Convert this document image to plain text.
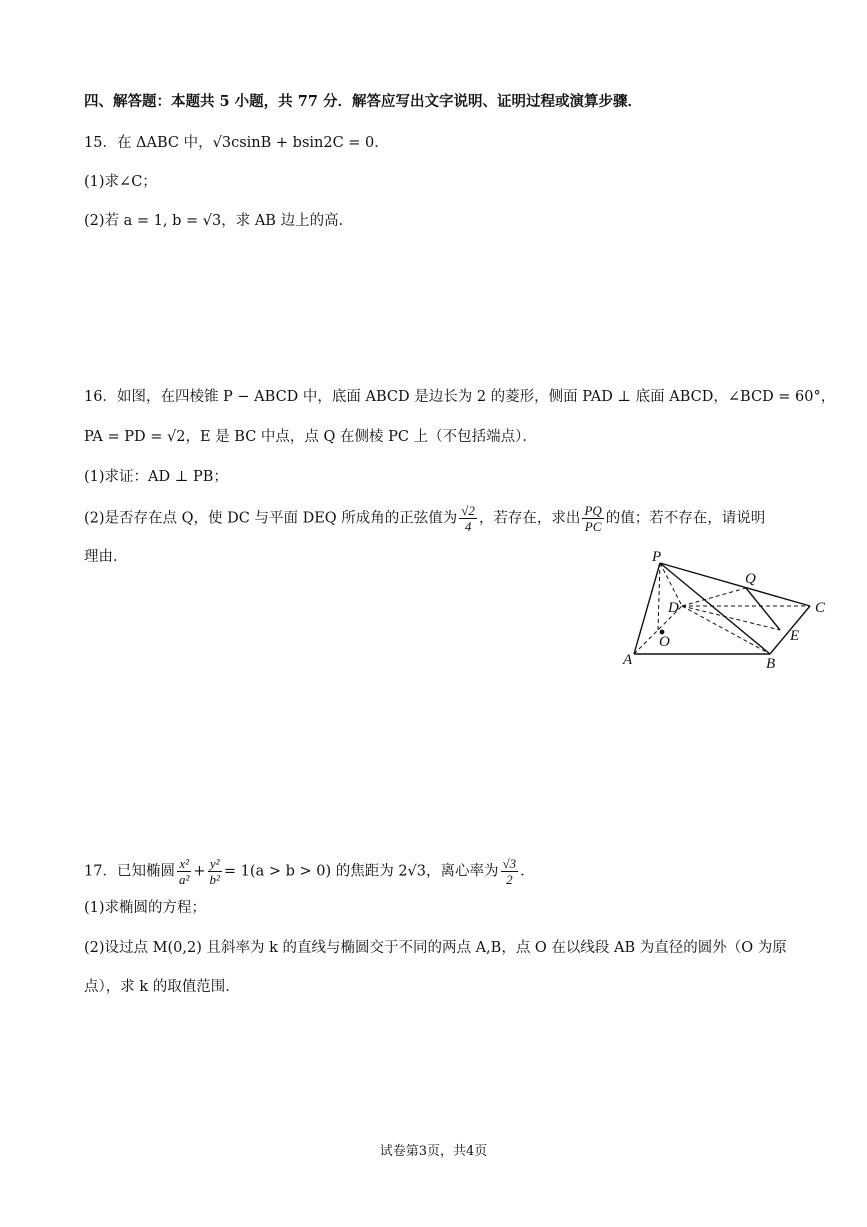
四、解答题：本题共 5 小题，共 77 分．解答应写出文字说明、证明过程或演算步骤．
15．在 ΔABC 中，√3csinB + bsin2C = 0．
(1)求∠C；
(2)若 a = 1, b = √3，求 AB 边上的高．
16．如图，在四棱锥 P − ABCD 中，底面 ABCD 是边长为 2 的菱形，侧面 PAD ⊥ 底面 ABCD，∠BCD = 60°，
PA = PD = √2，E 是 BC 中点，点 Q 在侧棱 PC 上（不包括端点）．
(1)求证：AD ⊥ PB；
(2)是否存在点 Q，使 DC 与平面 DEQ 所成角的正弦值为 $\frac{√2}{4}$ ，若存在，求出 $\frac{PQ}{PC}$ 的值；若不存在，请说明
理由．	P
Q
D	C
E
O
A	B
17．已知椭圆 $\frac{\text{x²}}{\text{a²}} + \frac{\text{y²}}{\text{b²}} = 1(a > b > 0)$ 的焦距为 2√3，离心率为 $\frac{√3}{2}$ ．
(1)求椭圆的方程；
(2)设过点 M(0,2) 且斜率为 k 的直线与椭圆交于不同的两点 A,B，点 O 在以线段 AB 为直径的圆外（O 为原
点），求 k 的取值范围．
试卷第3页，共4页
